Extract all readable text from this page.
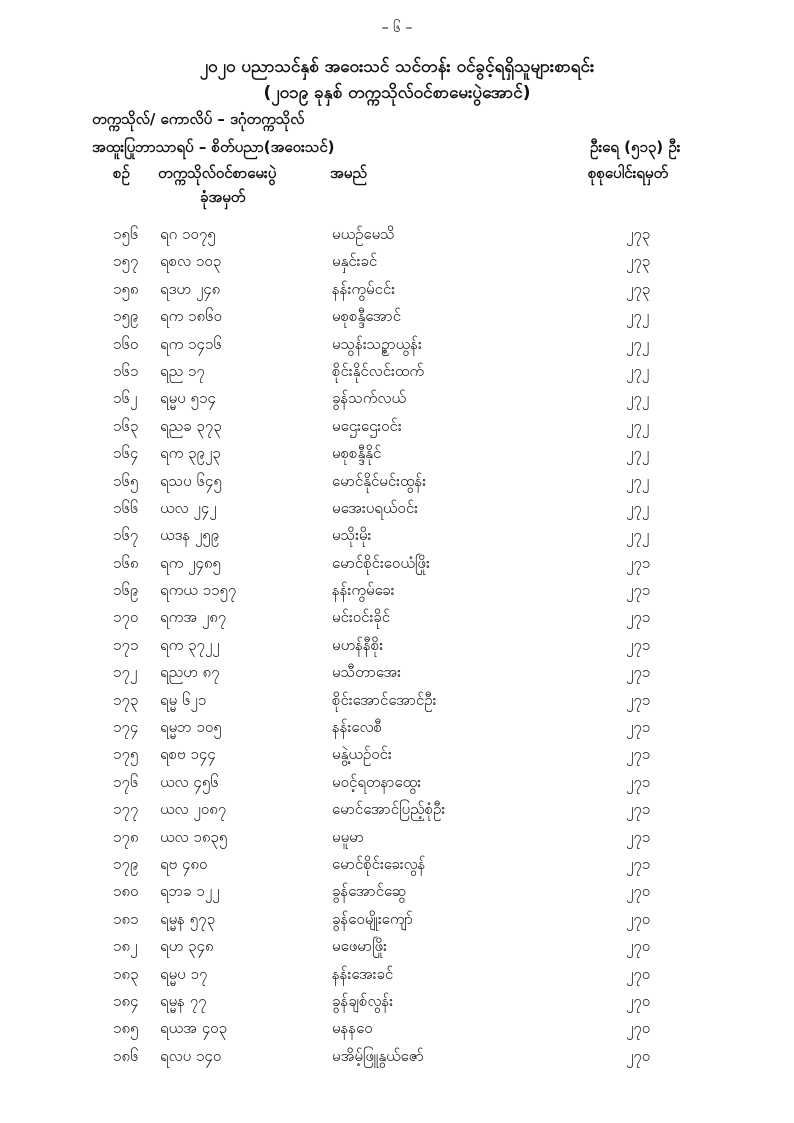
– ၆ –
၂၀၂၀ ပညာသင်နှစ် အဝေးသင် သင်တန်း ဝင်ခွင့်ရရှိသူများစာရင်း
(၂၀၁၉ ခုနှစ် တက္ကသိုလ်ဝင်စာမေးပွဲအောင်)
တက္ကသိုလ်/ ကောလိပ် – ဒဂုံတက္ကသိုလ်
အထူးပြုဘာသာရပ် – စိတ်ပညာ(အဝေးသင်)	ဦးရေ (၅၁၃) ဦး
စဉ် တက္ကသိုလ်ဝင်စာမေးပွဲ
ခုံအမှတ်
အမည်	စုစုပေါင်းရမှတ်
၁၅၆ ရဂ ၁၀၇၅	မယဉ်မေသိ	၂၇၃
၁၅၇ ရစလ ၁၀၃	မနှင်းခင်	၂၇၃
၁၅၈ ရဒဟ ၂၄၈	နန်းကွမ်ငင်း	၂၇၃
၁၅၉ ရက ၁၈၆၀	မစုစန္ဒီအောင်	၂၇၂
၁၆၀ ရက ၁၄၁၆	မသွန်းသဉ္စာယွန်း	၂၇၂
၁၆၁ ရည ၁၇	စိုင်းနိုင်လင်းထက်	၂၇၂
၁၆၂ ရမ္မပ ၅၁၄	ခွန်သက်လယ်	၂၇၂
၁၆၃ ရညခ ၃၇၃	မဌေးဌေးဝင်း	၂၇၂
၁၆၄ ရက ၃၉၂၃	မစုစန္ဒီနိုင်	၂၇၂
၁၆၅ ရသပ ၆၄၅	မောင်နိုင်မင်းထွန်း	၂၇၂
၁၆၆ ယလ ၂၄၂	မအေးပရယ်ဝင်း	၂၇၂
၁၆၇ ယဒန ၂၅၉	မသိုးမိုး	၂၇၂
၁၆၈ ရက ၂၄၈၅	မောင်စိုင်းဝေယံဖြိုး	၂၇၁
၁၆၉ ရကယ ၁၁၅၇	နန်းကွမ်ခေး	၂၇၁
၁၇၀ ရကအ ၂၈၇	မင်းဝင်းခိုင်	၂၇၁
၁၇၁ ရက ၃၇၂၂	မဟန်နီစိုး	၂၇၁
၁၇၂ ရညဟ ၈၇	မသီတာအေး	၂၇၁
၁၇၃ ရမ္မ ၆၂၁	စိုင်းအောင်အောင်ဦး	၂၇၁
၁၇၄ ရမ္မဘ ၁၀၅	နန်းလေစီ	၂၇၁
၁၇၅ ရစဗ ၁၄၄	မနွဲ့ယဉ်ဝင်း	၂၇၁
၁၇၆ ယလ ၄၅၆	မဝင့်ရတနာထွေး	၂၇၁
၁၇၇ ယလ ၂၀၈၇	မောင်အောင်ပြည့်စုံဦး	၂၇၁
၁၇၈ ယလ ၁၈၃၅	မမူမာ	၂၇၁
၁၇၉ ရဗ ၄၈၀	မောင်စိုင်းခေးလွန်	၂၇၁
၁၈၀ ရဘခ ၁၂၂	ခွန်အောင်ဆွေ	၂၇၀
၁၈၁ ရမ္မန ၅၇၃	ခွန်ဝေမျိုးကျော်	၂၇၀
၁၈၂ ရဟ ၃၄၈	မဖေမာဖြိုး	၂၇၀
၁၈၃ ရမ္မပ ၁၇	နန်းအေးခင်	၂၇၀
၁၈၄ ရမ္မန ၇၇	ခွန်ချစ်လွန်း	၂၇၀
၁၈၅ ရယအ ၄၀၃	မနနဝေ	၂၇၀
၁၈၆ ရလပ ၁၄၀	မအိမ့်ဖြူနွယ်ဇော်	၂၇၀
